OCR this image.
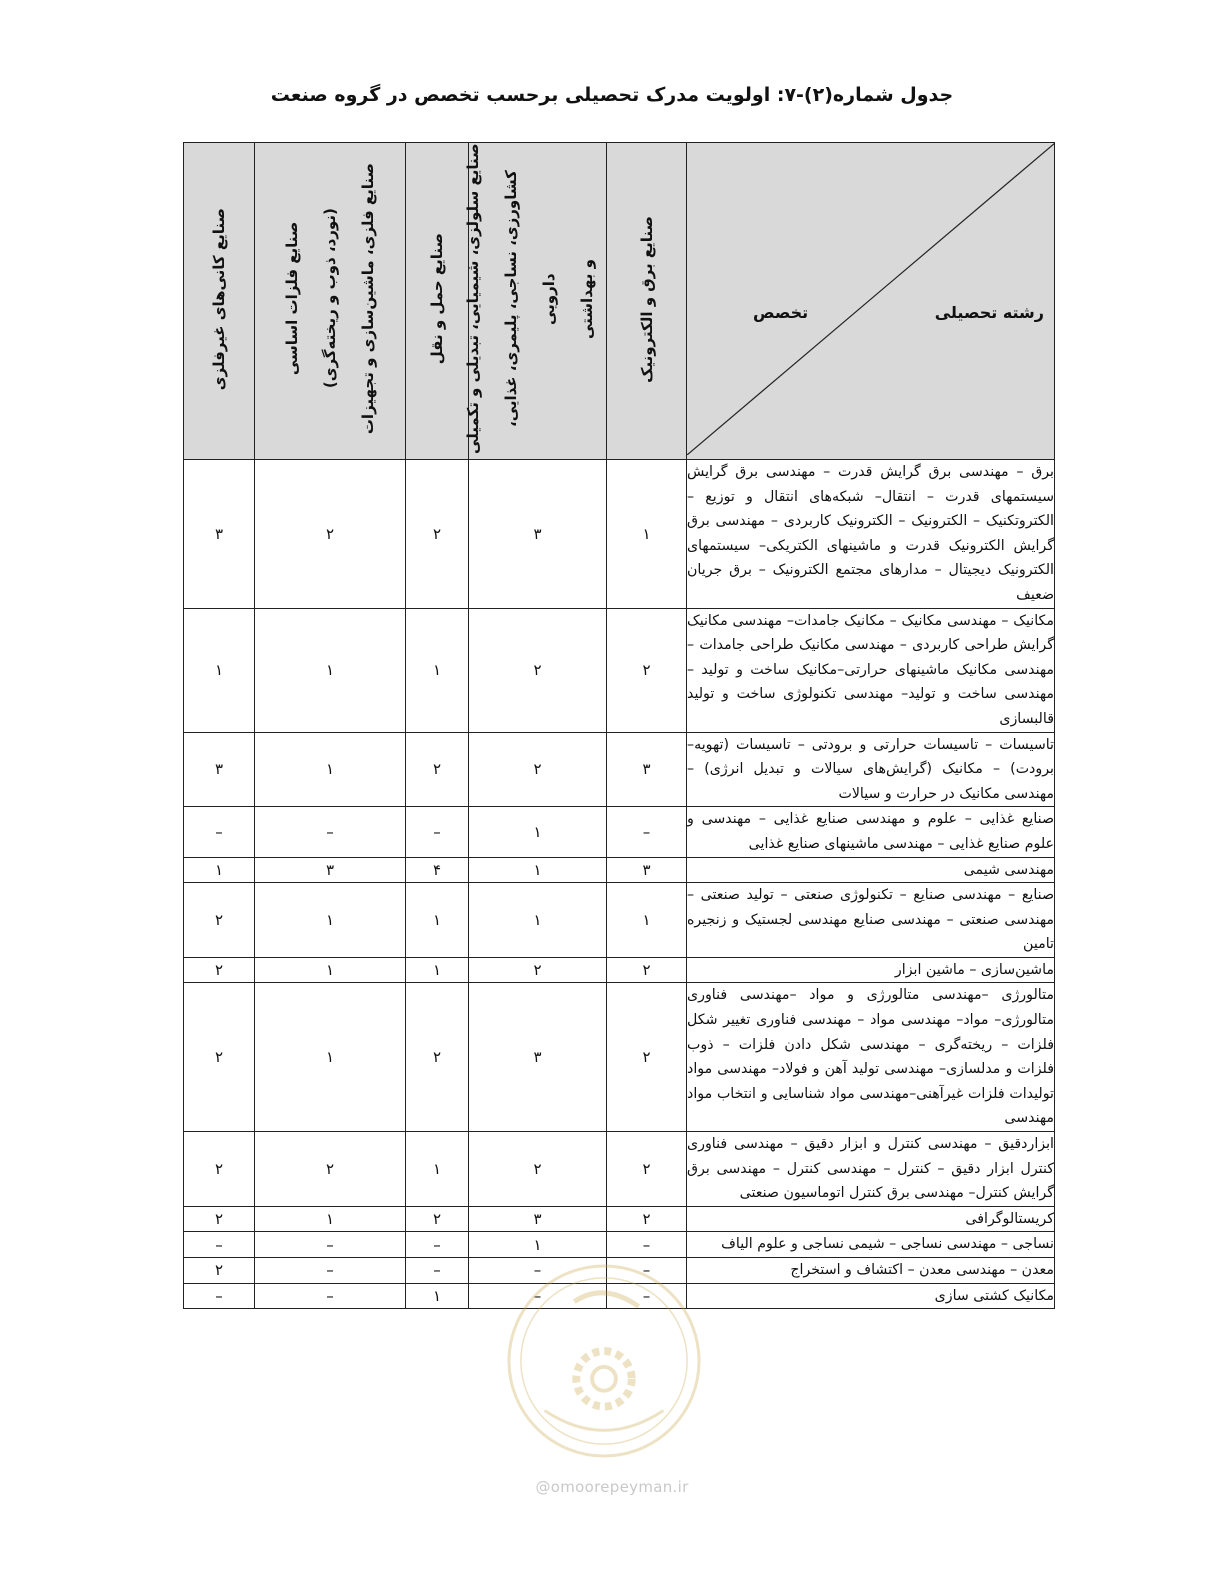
جدول شماره(۲)-۷: اولویت مدرک تحصیلی برحسب تخصص در گروه صنعت
تخصص رشته تحصیلی	صنایع برق و الکترونیک	صنایع سلولزی، شیمیایی، تبدیلی و تکمیلی
کشاورزی، نساجی، پلیمری، غذایی، دارویی
و بهداشتی	صنایع حمل و نقل	صنایع فلزات اساسی
(نورد، ذوب و ریخته‌گری)
صنایع فلزی، ماشین‌سازی و تجهیزات	صنایع کانی‌های غیرفلزی
برق – مهندسی برق گرایش قدرت – مهندسی برق گرایش سیستمهای قدرت – انتقال– شبکه‌های انتقال و توزیع – الکتروتکنیک – الکترونیک – الکترونیک کاربردی – مهندسی برق گرایش الکترونیک قدرت و ماشینهای الکتریکی– سیستمهای الکترونیک دیجیتال – مدارهای مجتمع الکترونیک – برق جریان ضعیف	۱	۳	۲	۲	۳
مکانیک – مهندسی مکانیک – مکانیک جامدات– مهندسی مکانیک گرایش طراحی کاربردی – مهندسی مکانیک طراحی جامدات – مهندسی مکانیک ماشینهای حرارتی–مکانیک ساخت و تولید – مهندسی ساخت و تولید– مهندسی تکنولوژی ساخت و تولید قالبسازی	۲	۲	۱	۱	۱
تاسیسات – تاسیسات حرارتی و برودتی – تاسیسات (تهویه–برودت) – مکانیک (گرایش‌های سیالات و تبدیل انرژی) – مهندسی مکانیک در حرارت و سیالات	۳	۲	۲	۱	۳
صنایع غذایی – علوم و مهندسی صنایع غذایی – مهندسی و علوم صنایع غذایی – مهندسی ماشینهای صنایع غذایی	–	۱	–	–	–
مهندسی شیمی	۳	۱	۴	۳	۱
صنایع – مهندسی صنایع – تکنولوژی صنعتی – تولید صنعتی – مهندسی صنعتی – مهندسی صنایع مهندسی لجستیک و زنجیره تامین	۱	۱	۱	۱	۲
ماشین‌سازی – ماشین ابزار	۲	۲	۱	۱	۲
متالورژی –مهندسی متالورژی و مواد –مهندسی فناوری متالورژی– مواد– مهندسی مواد – مهندسی فناوری تغییر شکل فلزات – ریخته‌گری – مهندسی شکل دادن فلزات – ذوب فلزات و مدلسازی– مهندسی تولید آهن و فولاد– مهندسی مواد تولیدات فلزات غیرآهنی–مهندسی مواد شناسایی و انتخاب مواد مهندسی	۲	۳	۲	۱	۲
ابزاردقیق – مهندسی کنترل و ابزار دقیق – مهندسی فناوری کنترل ابزار دقیق – کنترل – مهندسی کنترل – مهندسی برق گرایش کنترل– مهندسی برق کنترل اتوماسیون صنعتی	۲	۲	۱	۲	۲
کریستالوگرافی	۲	۳	۲	۱	۲
نساجی – مهندسی نساجی – شیمی نساجی و علوم الیاف	–	۱	–	–	–
معدن – مهندسی معدن – اکتشاف و استخراج	–	–	–	–	۲
مکانیک کشتی سازی	–	–	۱	–	–
@omoorepeyman.ir
